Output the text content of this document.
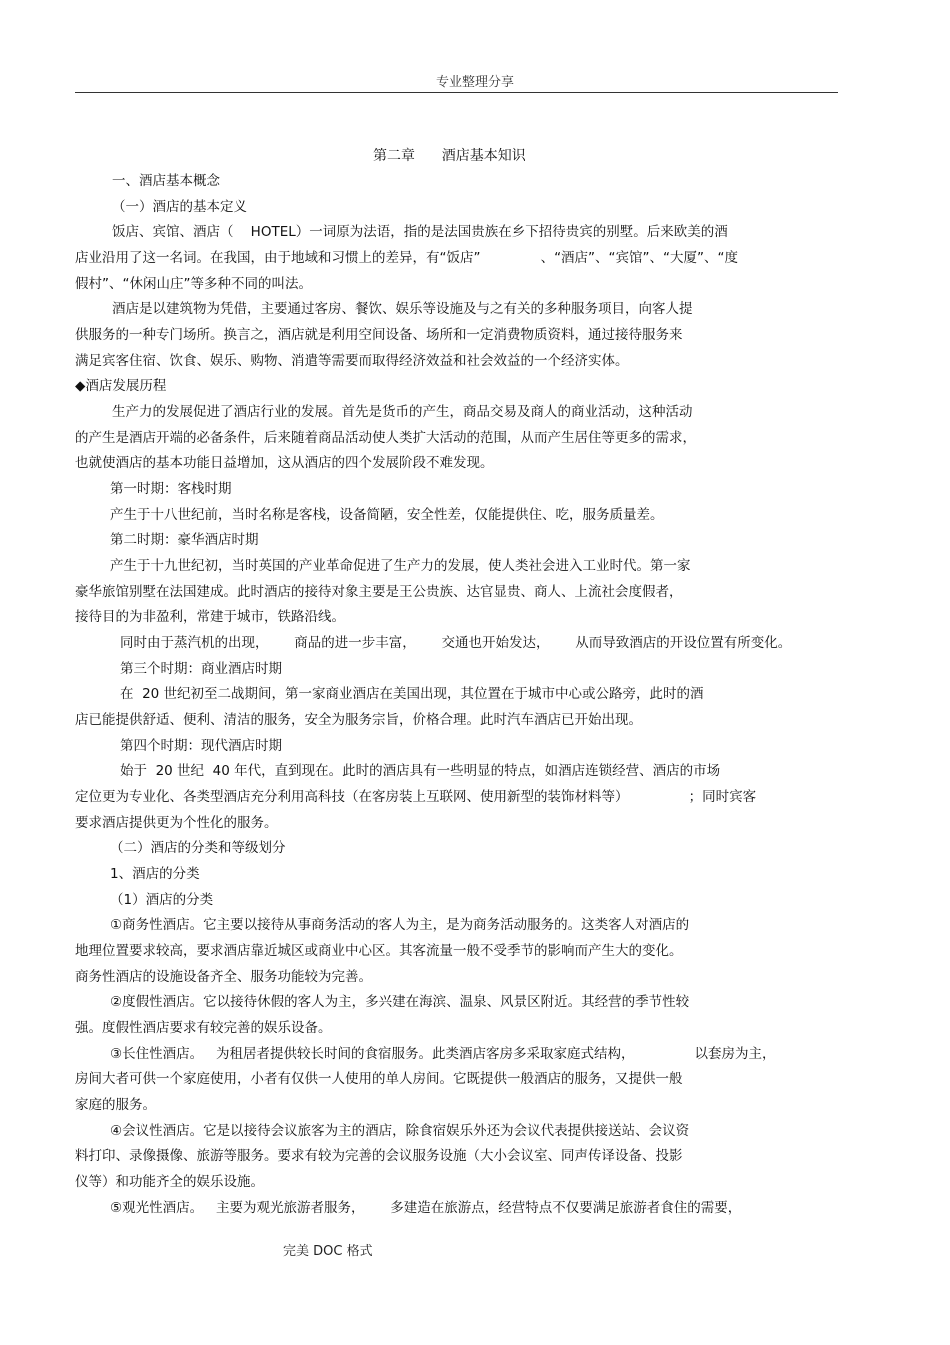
专业整理分享
第二章      酒店基本知识
一、酒店基本概念
（一）酒店的基本定义
饭店、宾馆、酒店（    HOTEL）一词原为法语，指的是法国贵族在乡下招待贵宾的别墅。后来欧美的酒
店业沿用了这一名词。在我国，由于地域和习惯上的差异，有“饭店”              、“酒店”、“宾馆”、“大厦”、“度
假村”、“休闲山庄”等多种不同的叫法。
酒店是以建筑物为凭借，主要通过客房、餐饮、娱乐等设施及与之有关的多种服务项目，向客人提
供服务的一种专门场所。换言之，酒店就是利用空间设备、场所和一定消费物质资料，通过接待服务来
满足宾客住宿、饮食、娱乐、购物、消遣等需要而取得经济效益和社会效益的一个经济实体。
◆酒店发展历程
生产力的发展促进了酒店行业的发展。首先是货币的产生，商品交易及商人的商业活动，这种活动
的产生是酒店开端的必备条件，后来随着商品活动使人类扩大活动的范围，从而产生居住等更多的需求，
也就使酒店的基本功能日益增加，这从酒店的四个发展阶段不难发现。
第一时期：客栈时期
产生于十八世纪前，当时名称是客栈，设备简陋，安全性差，仅能提供住、吃，服务质量差。
第二时期：豪华酒店时期
产生于十九世纪初，当时英国的产业革命促进了生产力的发展，使人类社会进入工业时代。第一家
豪华旅馆别墅在法国建成。此时酒店的接待对象主要是王公贵族、达官显贵、商人、上流社会度假者，
接待目的为非盈利，常建于城市，铁路沿线。
同时由于蒸汽机的出现，      商品的进一步丰富，      交通也开始发达，      从而导致酒店的开设位置有所变化。
第三个时期：商业酒店时期
在  20 世纪初至二战期间，第一家商业酒店在美国出现，其位置在于城市中心或公路旁，此时的酒
店已能提供舒适、便利、清洁的服务，安全为服务宗旨，价格合理。此时汽车酒店已开始出现。
第四个时期：现代酒店时期
始于  20 世纪  40 年代，直到现在。此时的酒店具有一些明显的特点，如酒店连锁经营、酒店的市场
定位更为专业化、各类型酒店充分利用高科技（在客房装上互联网、使用新型的装饰材料等）              ；同时宾客
要求酒店提供更为个性化的服务。
（二）酒店的分类和等级划分
1、酒店的分类
（1）酒店的分类
①商务性酒店。它主要以接待从事商务活动的客人为主，是为商务活动服务的。这类客人对酒店的
地理位置要求较高，要求酒店靠近城区或商业中心区。其客流量一般不受季节的影响而产生大的变化。
商务性酒店的设施设备齐全、服务功能较为完善。
②度假性酒店。它以接待休假的客人为主，多兴建在海滨、温泉、风景区附近。其经营的季节性较
强。度假性酒店要求有较完善的娱乐设备。
③长住性酒店。   为租居者提供较长时间的食宿服务。此类酒店客房多采取家庭式结构，              以套房为主，
房间大者可供一个家庭使用，小者有仅供一人使用的单人房间。它既提供一般酒店的服务，又提供一般
家庭的服务。
④会议性酒店。它是以接待会议旅客为主的酒店，除食宿娱乐外还为会议代表提供接送站、会议资
料打印、录像摄像、旅游等服务。要求有较为完善的会议服务设施（大小会议室、同声传译设备、投影
仪等）和功能齐全的娱乐设施。
⑤观光性酒店。   主要为观光旅游者服务，      多建造在旅游点，经营特点不仅要满足旅游者食住的需要，
完美 DOC 格式
